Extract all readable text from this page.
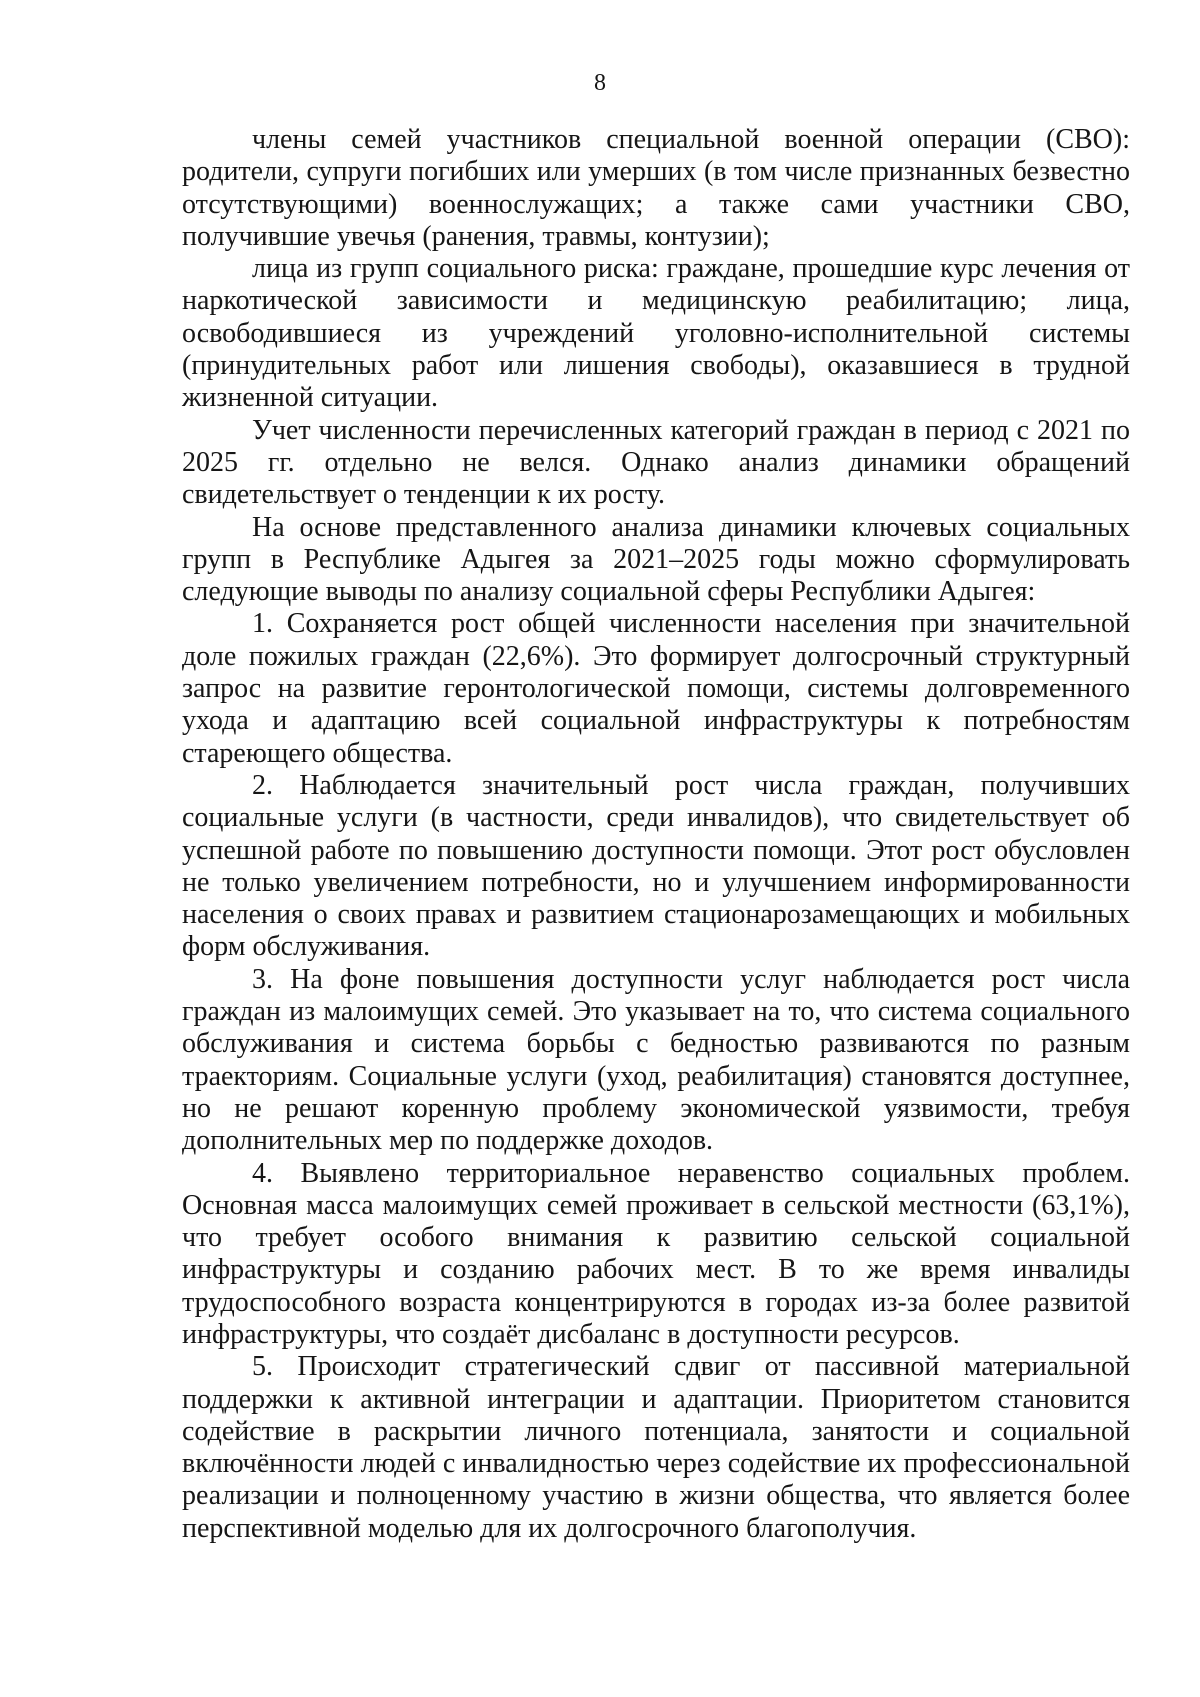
8

члены семей участников специальной военной операции (СВО): родители, супруги погибших или умерших (в том числе признанных безвестно отсутствующими) военнослужащих; а также сами участники СВО, получившие увечья (ранения, травмы, контузии);

лица из групп социального риска: граждане, прошедшие курс лечения от наркотической зависимости и медицинскую реабилитацию; лица, освободившиеся из учреждений уголовно-исполнительной системы (принудительных работ или лишения свободы), оказавшиеся в трудной жизненной ситуации.

Учет численности перечисленных категорий граждан в период с 2021 по 2025 гг. отдельно не велся. Однако анализ динамики обращений свидетельствует о тенденции к их росту.

На основе представленного анализа динамики ключевых социальных групп в Республике Адыгея за 2021–2025 годы можно сформулировать следующие выводы по анализу социальной сферы Республики Адыгея:

1. Сохраняется рост общей численности населения при значительной доле пожилых граждан (22,6%). Это формирует долгосрочный структурный запрос на развитие геронтологической помощи, системы долговременного ухода и адаптацию всей социальной инфраструктуры к потребностям стареющего общества.

2. Наблюдается значительный рост числа граждан, получивших социальные услуги (в частности, среди инвалидов), что свидетельствует об успешной работе по повышению доступности помощи. Этот рост обусловлен не только увеличением потребности, но и улучшением информированности населения о своих правах и развитием стационарозамещающих и мобильных форм обслуживания.

3. На фоне повышения доступности услуг наблюдается рост числа граждан из малоимущих семей. Это указывает на то, что система социального обслуживания и система борьбы с бедностью развиваются по разным траекториям. Социальные услуги (уход, реабилитация) становятся доступнее, но не решают коренную проблему экономической уязвимости, требуя дополнительных мер по поддержке доходов.

4. Выявлено территориальное неравенство социальных проблем. Основная масса малоимущих семей проживает в сельской местности (63,1%), что требует особого внимания к развитию сельской социальной инфраструктуры и созданию рабочих мест. В то же время инвалиды трудоспособного возраста концентрируются в городах из-за более развитой инфраструктуры, что создаёт дисбаланс в доступности ресурсов.

5. Происходит стратегический сдвиг от пассивной материальной поддержки к активной интеграции и адаптации. Приоритетом становится содействие в раскрытии личного потенциала, занятости и социальной включённости людей с инвалидностью через содействие их профессиональной реализации и полноценному участию в жизни общества, что является более перспективной моделью для их долгосрочного благополучия.
